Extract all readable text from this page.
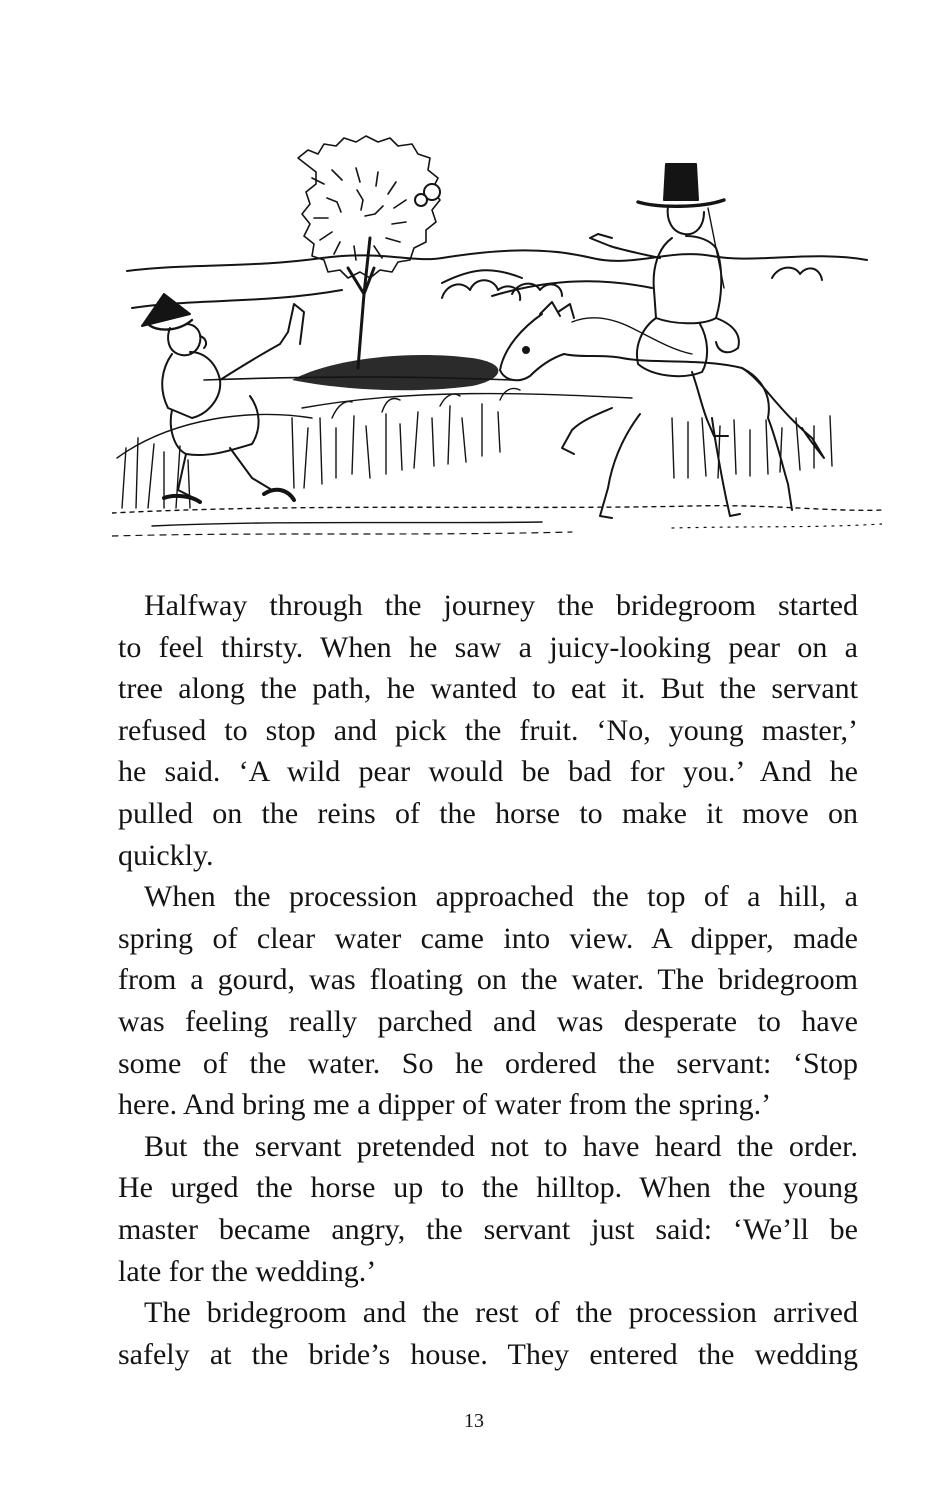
Halfway through the journey the bridegroom started
to feel thirsty. When he saw a juicy-looking pear on a
tree along the path, he wanted to eat it. But the servant
refused to stop and pick the fruit. ‘No, young master,’
he said. ‘A wild pear would be bad for you.’ And he
pulled on the reins of the horse to make it move on
quickly.
When the procession approached the top of a hill, a
spring of clear water came into view. A dipper, made
from a gourd, was floating on the water. The bridegroom
was feeling really parched and was desperate to have
some of the water. So he ordered the servant: ‘Stop
here. And bring me a dipper of water from the spring.’
But the servant pretended not to have heard the order.
He urged the horse up to the hilltop. When the young
master became angry, the servant just said: ‘We’ll be
late for the wedding.’
The bridegroom and the rest of the procession arrived
safely at the bride’s house. They entered the wedding
13
